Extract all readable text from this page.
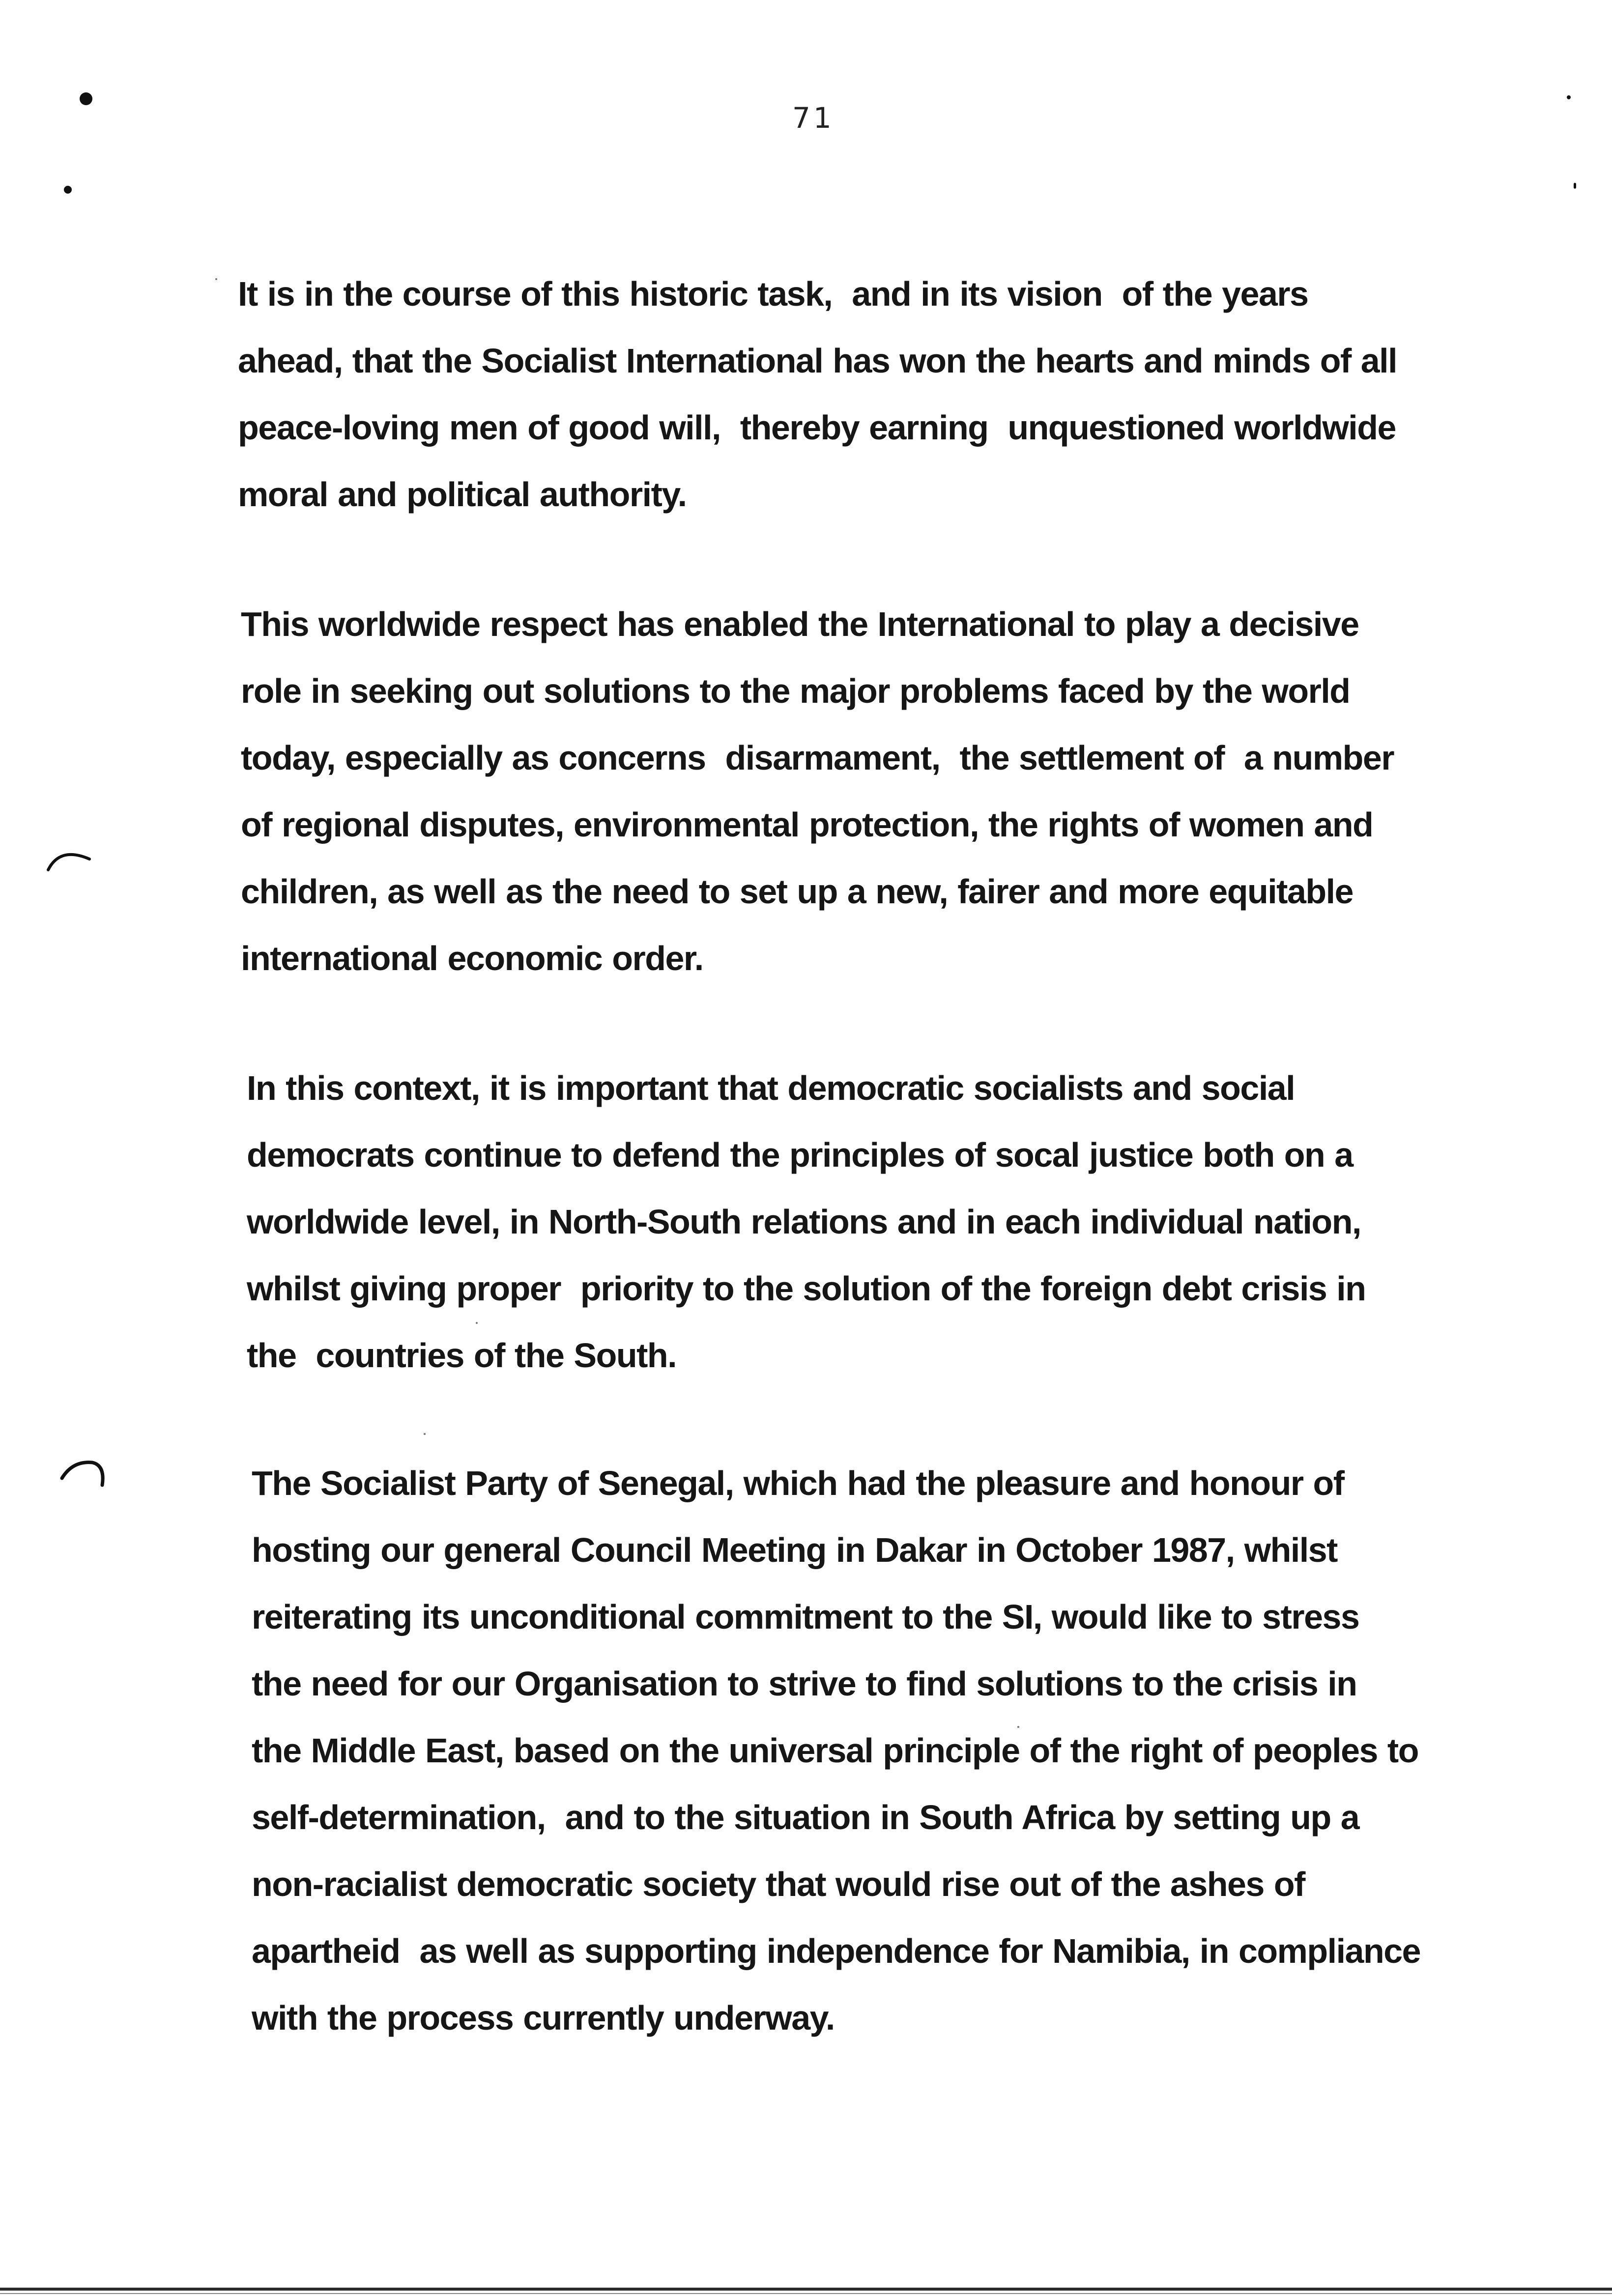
71
It is in the course of this historic task,  and in its vision  of the years
ahead, that the Socialist International has won the hearts and minds of all
peace-loving men of good will,  thereby earning  unquestioned worldwide
moral and political authority.
This worldwide respect has enabled the International to play a decisive
role in seeking out solutions to the major problems faced by the world
today, especially as concerns  disarmament,  the settlement of  a number
of regional disputes, environmental protection, the rights of women and
children, as well as the need to set up a new, fairer and more equitable
international economic order.
In this context, it is important that democratic socialists and social
democrats continue to defend the principles of socal justice both on a
worldwide level, in North-South relations and in each individual nation,
whilst giving proper  priority to the solution of the foreign debt crisis in
the  countries of the South.
The Socialist Party of Senegal, which had the pleasure and honour of
hosting our general Council Meeting in Dakar in October 1987, whilst
reiterating its unconditional commitment to the SI, would like to stress
the need for our Organisation to strive to find solutions to the crisis in
the Middle East, based on the universal principle of the right of peoples to
self-determination,  and to the situation in South Africa by setting up a
non-racialist democratic society that would rise out of the ashes of
apartheid  as well as supporting independence for Namibia, in compliance
with the process currently underway.
